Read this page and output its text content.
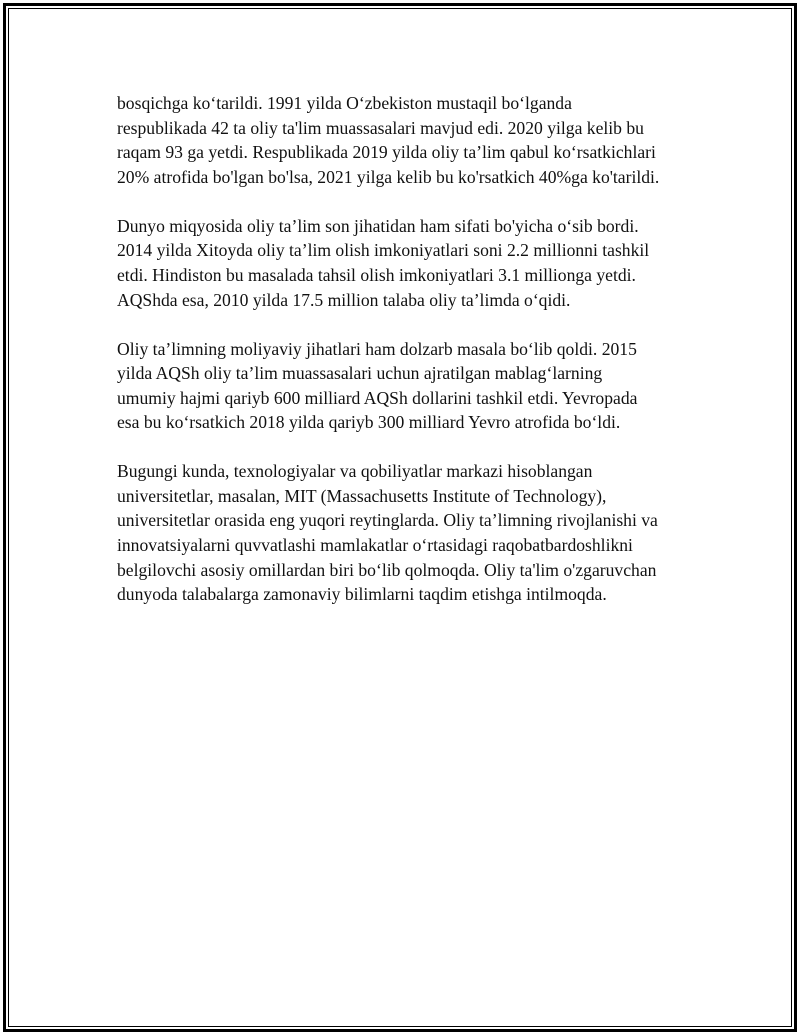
bosqichga ko‘tarildi. 1991 yilda O‘zbekiston mustaqil bo‘lganda
respublikada 42 ta oliy ta'lim muassasalari mavjud edi. 2020 yilga kelib bu
raqam 93 ga yetdi. Respublikada 2019 yilda oliy ta’lim qabul ko‘rsatkichlari
20% atrofida bo'lgan bo'lsa, 2021 yilga kelib bu ko'rsatkich 40%ga ko'tarildi.

Dunyo miqyosida oliy ta’lim son jihatidan ham sifati bo'yicha o‘sib bordi.
2014 yilda Xitoyda oliy ta’lim olish imkoniyatlari soni 2.2 millionni tashkil
etdi. Hindiston bu masalada tahsil olish imkoniyatlari 3.1 millionga yetdi.
AQShda esa, 2010 yilda 17.5 million talaba oliy ta’limda o‘qidi.

Oliy ta’limning moliyaviy jihatlari ham dolzarb masala bo‘lib qoldi. 2015
yilda AQSh oliy ta’lim muassasalari uchun ajratilgan mablag‘larning
umumiy hajmi qariyb 600 milliard AQSh dollarini tashkil etdi. Yevropada
esa bu ko‘rsatkich 2018 yilda qariyb 300 milliard Yevro atrofida bo‘ldi.

Bugungi kunda, texnologiyalar va qobiliyatlar markazi hisoblangan
universitetlar, masalan, MIT (Massachusetts Institute of Technology),
universitetlar orasida eng yuqori reytinglarda. Oliy ta’limning rivojlanishi va
innovatsiyalarni quvvatlashi mamlakatlar o‘rtasidagi raqobatbardoshlikni
belgilovchi asosiy omillardan biri bo‘lib qolmoqda. Oliy ta'lim o'zgaruvchan
dunyoda talabalarga zamonaviy bilimlarni taqdim etishga intilmoqda.
